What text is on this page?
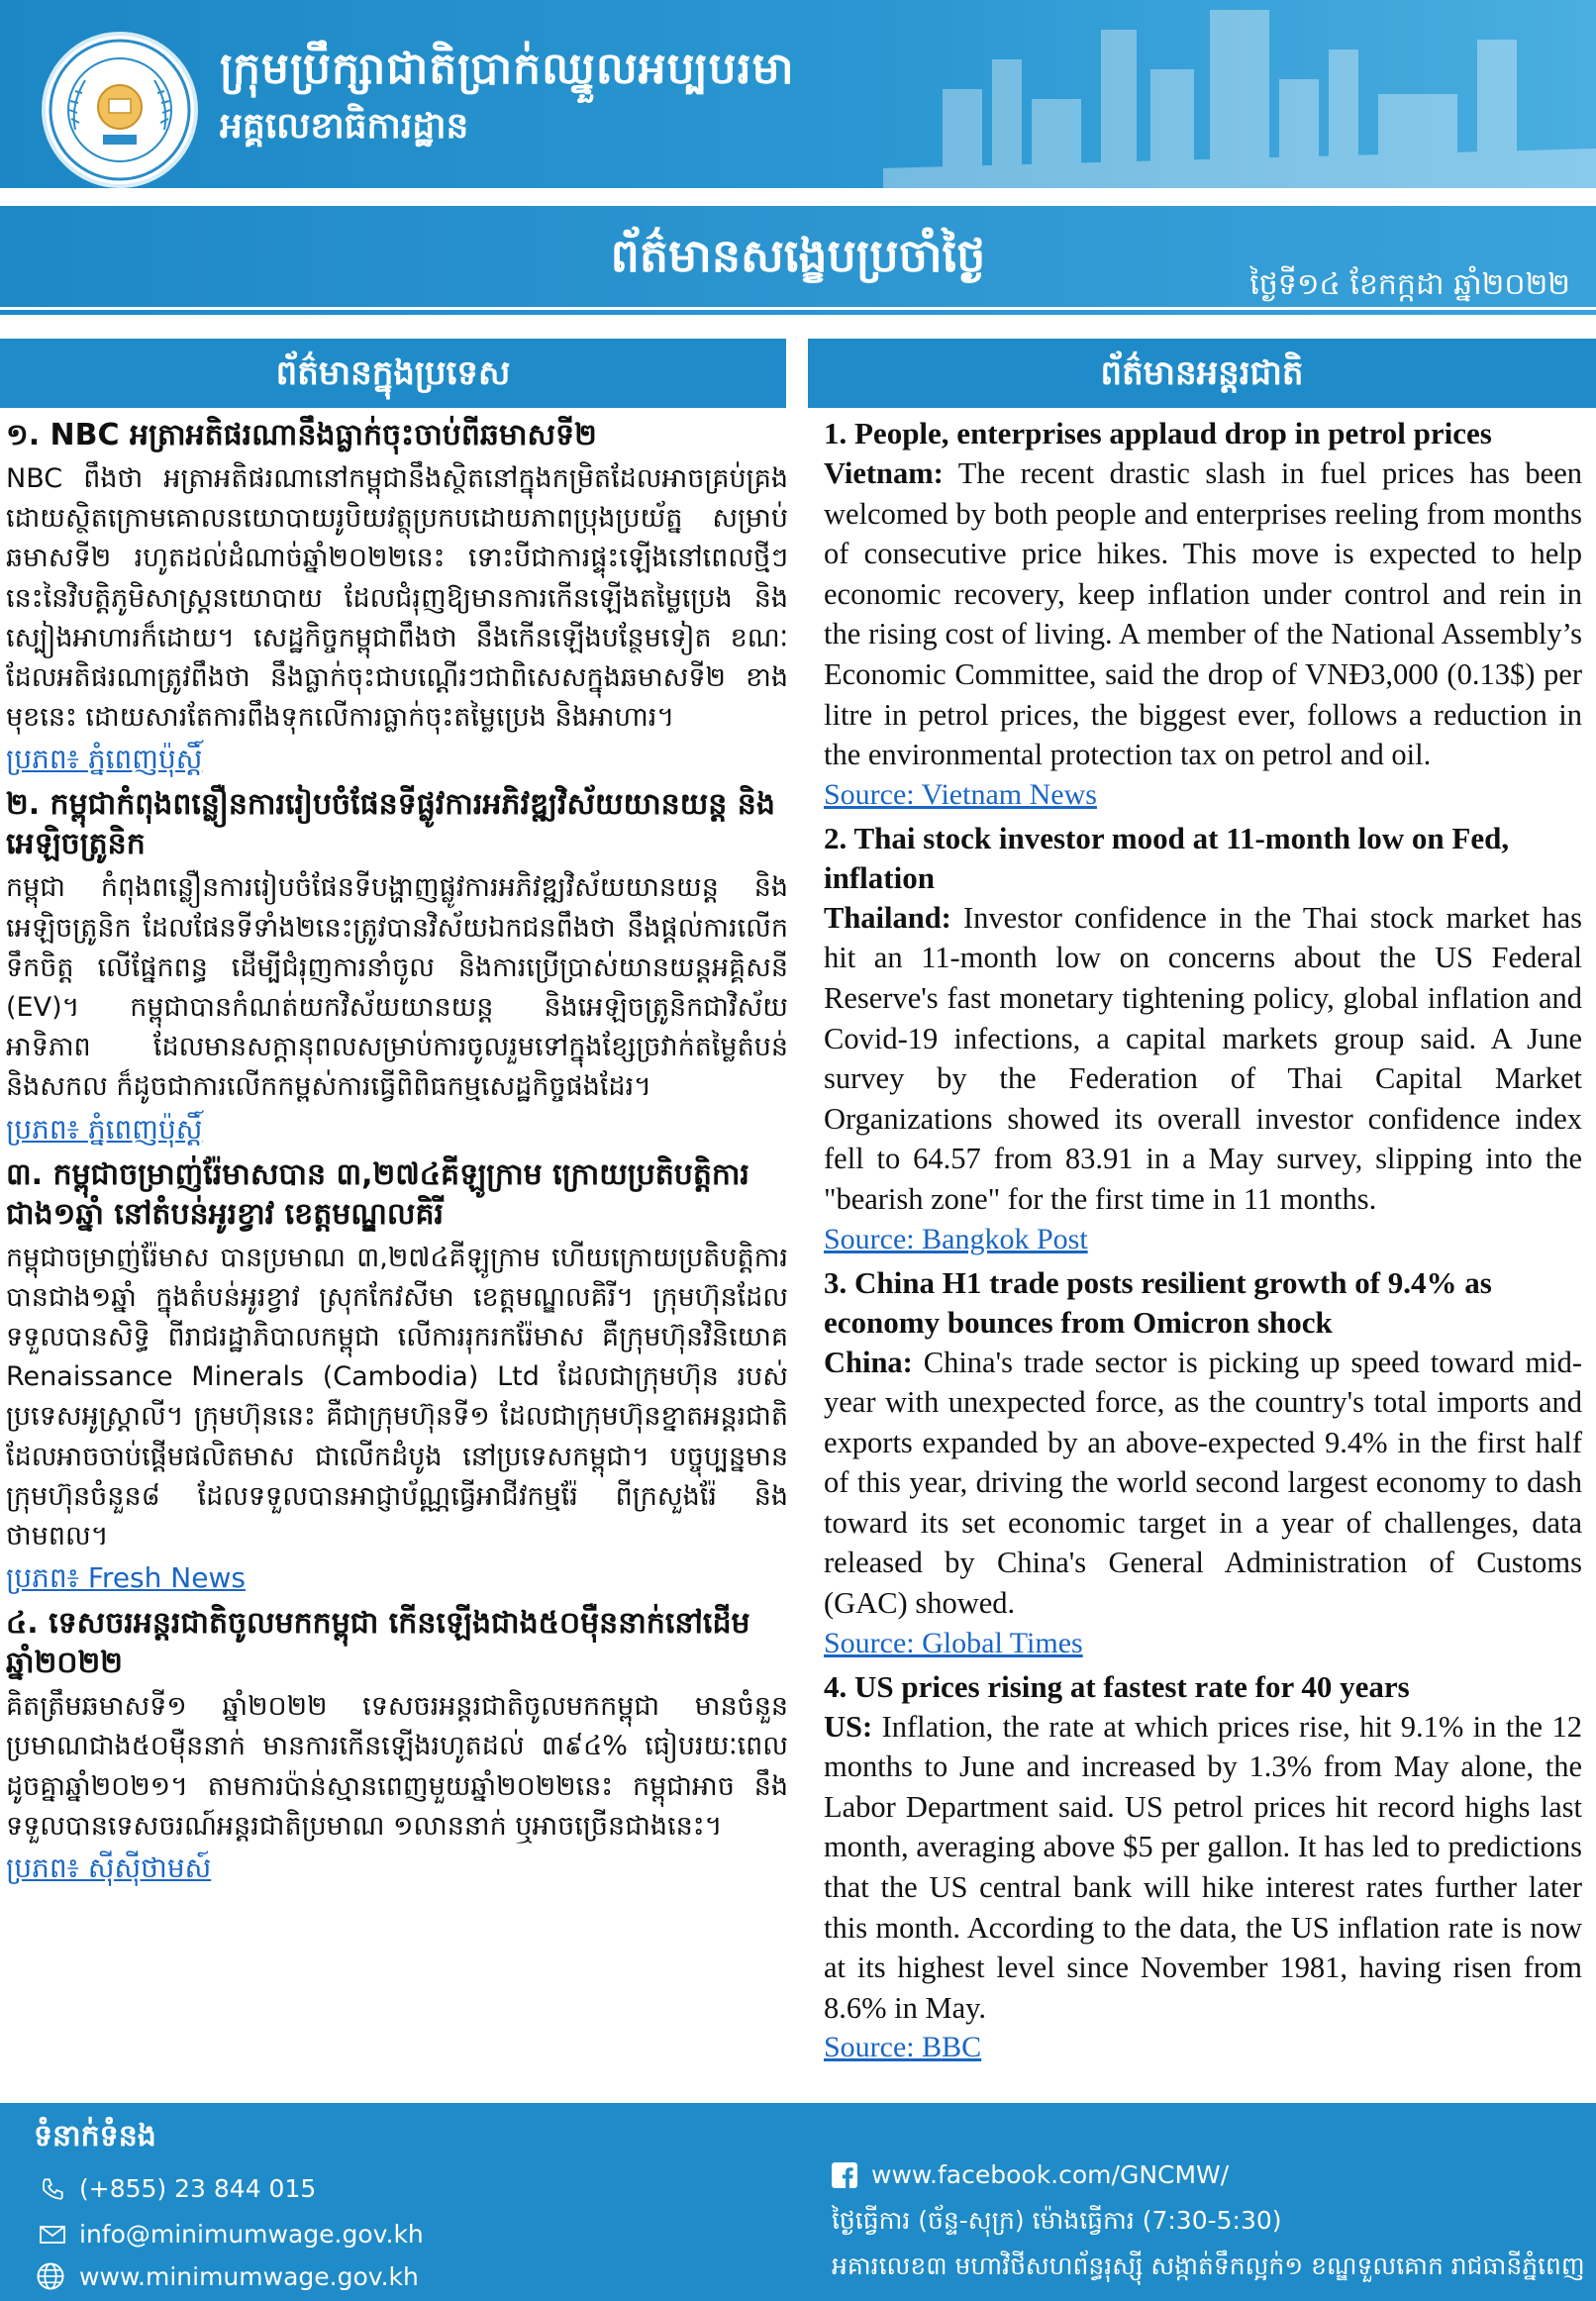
ក្រុមប្រឹក្សាជាតិប្រាក់ឈ្នួលអប្បបរមា
អគ្គលេខាធិការដ្ឋាន
ព័ត៌មានសង្ខេបប្រចាំថ្ងៃ
ថ្ងៃទី១៤ ខែកក្កដា ឆ្នាំ២០២២
ព័ត៌មានក្នុងប្រទេស	ព័ត៌មានអន្តរជាតិ
១. NBC អត្រាអតិផរណានឹងធ្លាក់ចុះចាប់ពីឆមាសទី២

NBC ពឹងថា អត្រាអតិផរណានៅកម្ពុជានឹងស្ថិតនៅក្នុងកម្រិតដែលអាចគ្រប់គ្រង ដោយស្ថិតក្រោមគោលនយោបាយរូបិយវត្ថុប្រកបដោយភាពប្រុងប្រយ័ត្ន សម្រាប់ឆមាសទី២ រហូតដល់ដំណាច់ឆ្នាំ២០២២នេះ ទោះបីជាការផ្ទុះឡើងនៅពេលថ្មីៗនេះនៃវិបត្តិភូមិសាស្ត្រនយោបាយ ដែលជំរុញឱ្យមានការកើនឡើងតម្លៃប្រេង និងស្បៀងអាហារក៏ដោយ។ សេដ្ឋកិច្ចកម្ពុជាពឹងថា នឹងកើនឡើងបន្ថែមទៀត ខណៈដែលអតិផរណាត្រូវពឹងថា នឹងធ្លាក់ចុះជាបណ្តើរៗជាពិសេសក្នុងឆមាសទី២ ខាងមុខនេះ ដោយសារតែការពឹងទុកលើការធ្លាក់ចុះតម្លៃប្រេង និងអាហារ។

ប្រភព៖ ភ្នំពេញប៉ុស្តិ៍
២. កម្ពុជាកំពុងពន្លឿនការរៀបចំផែនទីផ្លូវការអភិវឌ្ឍវិស័យយានយន្ត និងអេឡិចត្រូនិក

កម្ពុជា កំពុងពន្លឿនការរៀបចំផែនទីបង្ហាញផ្លូវការអភិវឌ្ឍវិស័យយានយន្ត និងអេឡិចត្រូនិក ដែលផែនទីទាំង២នេះត្រូវបានវិស័យឯកជនពឹងថា នឹងផ្តល់ការលើកទឹកចិត្ត លើផ្នែកពន្ធ ដើម្បីជំរុញការនាំចូល និងការប្រើប្រាស់យានយន្តអគ្គិសនី (EV)។ កម្ពុជាបានកំណត់យកវិស័យយានយន្ត និងអេឡិចត្រូនិកជាវិស័យអាទិភាព ដែលមានសក្តានុពលសម្រាប់ការចូលរួមទៅក្នុងខ្សែច្រវាក់តម្លៃតំបន់ និងសកល ក៏ដូចជាការលើកកម្ពស់ការធ្វើពិពិធកម្មសេដ្ឋកិច្ចផងដែរ។

ប្រភព៖ ភ្នំពេញប៉ុស្តិ៍
៣. កម្ពុជាចម្រាញ់រ៉ែមាសបាន ៣,២៧៤គីឡូក្រាម ក្រោយប្រតិបត្តិការជាង១ឆ្នាំ នៅតំបន់អូរខ្វាវ ខេត្តមណ្ឌលគិរី

កម្ពុជាចម្រាញ់រ៉ែមាស បានប្រមាណ ៣,២៧៤គីឡូក្រាម ហើយក្រោយប្រតិបត្តិការបានជាង១ឆ្នាំ ក្នុងតំបន់អូរខ្វាវ ស្រុកកែវសីមា ខេត្តមណ្ឌលគិរី។ ក្រុមហ៊ុនដែលទទួលបានសិទ្ធិ ពីរាជរដ្ឋាភិបាលកម្ពុជា លើការរុករករ៉ែមាស គឺក្រុមហ៊ុនវិនិយោគ Renaissance Minerals (Cambodia) Ltd ដែលជាក្រុមហ៊ុន របស់ប្រទេសអូស្ត្រាលី។ ក្រុមហ៊ុននេះ គឺជាក្រុមហ៊ុនទី១ ដែលជាក្រុមហ៊ុនខ្នាតអន្តរជាតិ ដែលអាចចាប់ផ្តើមផលិតមាស ជាលើកដំបូង នៅប្រទេសកម្ពុជា។ បច្ចុប្បន្នមានក្រុមហ៊ុនចំនួន៨ ដែលទទួលបានអាជ្ញាប័ណ្ណធ្វើអាជីវកម្មរ៉ែ ពីក្រសួងរ៉ែ និងថាមពល។

ប្រភព៖ Fresh News
៤. ទេសចរអន្តរជាតិចូលមកកម្ពុជា កើនឡើងជាង៥០ម៉ឺននាក់នៅដើមឆ្នាំ២០២២

គិតត្រឹមឆមាសទី១ ឆ្នាំ២០២២ ទេសចរអន្តរជាតិចូលមកកម្ពុជា មានចំនួនប្រមាណជាង៥០ម៉ឺននាក់ មានការកើនឡើងរហូតដល់ ៣៩៤% ធៀបរយៈពេលដូចគ្នាឆ្នាំ២០២១។ តាមការប៉ាន់ស្មានពេញមួយឆ្នាំ២០២២នេះ កម្ពុជាអាច នឹងទទួលបានទេសចរណ៍អន្តរជាតិប្រមាណ ១លាននាក់ ឬអាចច្រើនជាងនេះ។

ប្រភព៖ ស៊ីស៊ីថាមស៍
1. People, enterprises applaud drop in petrol prices

Vietnam: The recent drastic slash in fuel prices has been welcomed by both people and enterprises reeling from months of consecutive price hikes. This move is expected to help economic recovery, keep inflation under control and rein in the rising cost of living. A member of the National Assembly’s Economic Committee, said the drop of VNĐ3,000 (0.13$) per litre in petrol prices, the biggest ever, follows a reduction in the environmental protection tax on petrol and oil.

Source: Vietnam News
2. Thai stock investor mood at 11-month low on Fed, inflation

Thailand: Investor confidence in the Thai stock market has hit an 11-month low on concerns about the US Federal Reserve's fast monetary tightening policy, global inflation and Covid-19 infections, a capital markets group said. A June survey by the Federation of Thai Capital Market Organizations showed its overall investor confidence index fell to 64.57 from 83.91 in a May survey, slipping into the "bearish zone" for the first time in 11 months.

Source: Bangkok Post
3. China H1 trade posts resilient growth of 9.4% as economy bounces from Omicron shock

China: China's trade sector is picking up speed toward mid-year with unexpected force, as the country's total imports and exports expanded by an above-expected 9.4% in the first half of this year, driving the world second largest economy to dash toward its set economic target in a year of challenges, data released by China's General Administration of Customs (GAC) showed.

Source: Global Times
4. US prices rising at fastest rate for 40 years

US: Inflation, the rate at which prices rise, hit 9.1% in the 12 months to June and increased by 1.3% from May alone, the Labor Department said. US petrol prices hit record highs last month, averaging above $5 per gallon. It has led to predictions that the US central bank will hike interest rates further later this month. According to the data, the US inflation rate is now at its highest level since November 1981, having risen from 8.6% in May.

Source: BBC
ទំនាក់ទំនង
(+855) 23 844 015
info@minimumwage.gov.kh
www.minimumwage.gov.kh
www.facebook.com/GNCMW/
ថ្ងៃធ្វើការ (ច័ន្ទ-សុក្រ) ម៉ោងធ្វើការ (7:30-5:30)
អគារលេខ៣ មហាវិថីសហព័ន្ធរុស្ស៊ី សង្កាត់ទឹកល្អក់១ ខណ្ឌទួលគោក រាជធានីភ្នំពេញ
